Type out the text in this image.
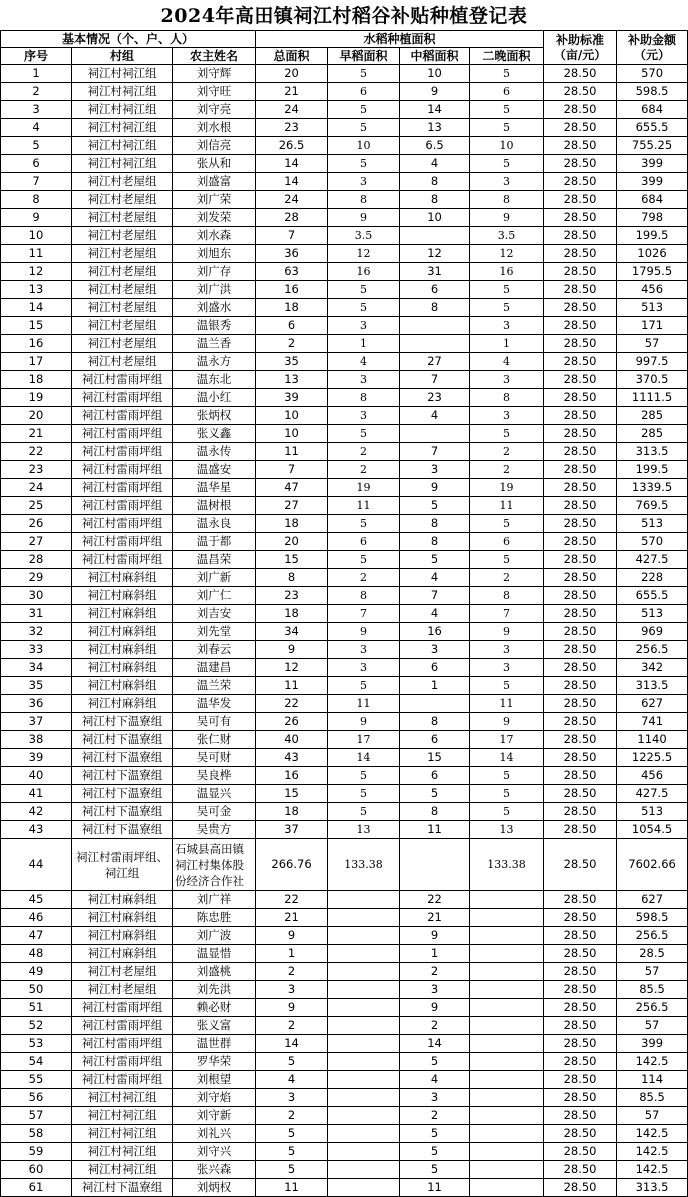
2024年高田镇祠江村稻谷补贴种植登记表
基本情况（个、户、人）			水稻种植面积				补助标准（亩/元）	补助金额（元）
序号	村组	农主姓名	总面积	早稻面积	中稻面积	二晚面积		
1	祠江村祠江组	刘守辉	20	5	10	5	28.50	570
2	祠江村祠江组	刘守旺	21	6	9	6	28.50	598.5
3	祠江村祠江组	刘守亮	24	5	14	5	28.50	684
4	祠江村祠江组	刘水根	23	5	13	5	28.50	655.5
5	祠江村祠江组	刘信亮	26.5	10	6.5	10	28.50	755.25
6	祠江村祠江组	张从和	14	5	4	5	28.50	399
7	祠江村老屋组	刘盛富	14	3	8	3	28.50	399
8	祠江村老屋组	刘广荣	24	8	8	8	28.50	684
9	祠江村老屋组	刘发荣	28	9	10	9	28.50	798
10	祠江村老屋组	刘水森	7	3.5		3.5	28.50	199.5
11	祠江村老屋组	刘旭东	36	12	12	12	28.50	1026
12	祠江村老屋组	刘广存	63	16	31	16	28.50	1795.5
13	祠江村老屋组	刘广洪	16	5	6	5	28.50	456
14	祠江村老屋组	刘盛水	18	5	8	5	28.50	513
15	祠江村老屋组	温银秀	6	3		3	28.50	171
16	祠江村老屋组	温兰香	2	1		1	28.50	57
17	祠江村老屋组	温永方	35	4	27	4	28.50	997.5
18	祠江村雷雨坪组	温东北	13	3	7	3	28.50	370.5
19	祠江村雷雨坪组	温小红	39	8	23	8	28.50	1111.5
20	祠江村雷雨坪组	张炳权	10	3	4	3	28.50	285
21	祠江村雷雨坪组	张义鑫	10	5		5	28.50	285
22	祠江村雷雨坪组	温永传	11	2	7	2	28.50	313.5
23	祠江村雷雨坪组	温盛安	7	2	3	2	28.50	199.5
24	祠江村雷雨坪组	温华星	47	19	9	19	28.50	1339.5
25	祠江村雷雨坪组	温树根	27	11	5	11	28.50	769.5
26	祠江村雷雨坪组	温永良	18	5	8	5	28.50	513
27	祠江村雷雨坪组	温于都	20	6	8	6	28.50	570
28	祠江村雷雨坪组	温昌荣	15	5	5	5	28.50	427.5
29	祠江村麻斜组	刘广新	8	2	4	2	28.50	228
30	祠江村麻斜组	刘广仁	23	8	7	8	28.50	655.5
31	祠江村麻斜组	刘吉安	18	7	4	7	28.50	513
32	祠江村麻斜组	刘先堂	34	9	16	9	28.50	969
33	祠江村麻斜组	刘春云	9	3	3	3	28.50	256.5
34	祠江村麻斜组	温建昌	12	3	6	3	28.50	342
35	祠江村麻斜组	温兰荣	11	5	1	5	28.50	313.5
36	祠江村麻斜组	温华发	22	11		11	28.50	627
37	祠江村下温寮组	吴可有	26	9	8	9	28.50	741
38	祠江村下温寮组	张仁财	40	17	6	17	28.50	1140
39	祠江村下温寮组	吴可财	43	14	15	14	28.50	1225.5
40	祠江村下温寮组	吴良桦	16	5	6	5	28.50	456
41	祠江村下温寮组	温显兴	15	5	5	5	28.50	427.5
42	祠江村下温寮组	吴可金	18	5	8	5	28.50	513
43	祠江村下温寮组	吴贵方	37	13	11	13	28.50	1054.5
44	祠江村雷雨坪组、祠江组	石城县高田镇祠江村集体股份经济合作社	266.76	133.38		133.38	28.50	7602.66
45	祠江村麻斜组	刘广祥	22		22		28.50	627
46	祠江村麻斜组	陈忠胜	21		21		28.50	598.5
47	祠江村麻斜组	刘广波	9		9		28.50	256.5
48	祠江村麻斜组	温显惜	1		1		28.50	28.5
49	祠江村老屋组	刘盛桃	2		2		28.50	57
50	祠江村老屋组	刘先洪	3		3		28.50	85.5
51	祠江村雷雨坪组	赖必财	9		9		28.50	256.5
52	祠江村雷雨坪组	张义富	2		2		28.50	57
53	祠江村雷雨坪组	温世群	14		14		28.50	399
54	祠江村雷雨坪组	罗华荣	5		5		28.50	142.5
55	祠江村雷雨坪组	刘根望	4		4		28.50	114
56	祠江村祠江组	刘守焰	3		3		28.50	85.5
57	祠江村祠江组	刘守新	2		2		28.50	57
58	祠江村祠江组	刘礼兴	5		5		28.50	142.5
59	祠江村祠江组	刘守兴	5		5		28.50	142.5
60	祠江村祠江组	张兴森	5		5		28.50	142.5
61	祠江村下温寮组	刘炳权	11		11		28.50	313.5
